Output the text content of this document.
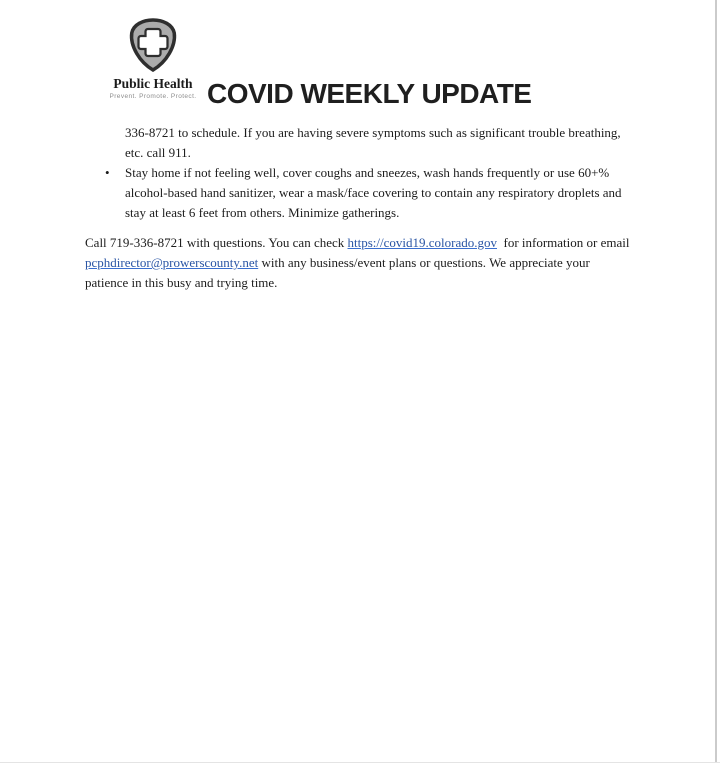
Public Health
Prevent. Promote. Protect. COVID WEEKLY UPDATE

336-8721 to schedule. If you are having severe symptoms such as significant trouble breathing, etc. call 911.

• Stay home if not feeling well, cover coughs and sneezes, wash hands frequently or use 60+% alcohol-based hand sanitizer, wear a mask/face covering to contain any respiratory droplets and stay at least 6 feet from others. Minimize gatherings.

Call 719-336-8721 with questions. You can check https://covid19.colorado.gov  for information or email pcphdirector@prowerscounty.net with any business/event plans or questions. We appreciate your patience in this busy and trying time.
